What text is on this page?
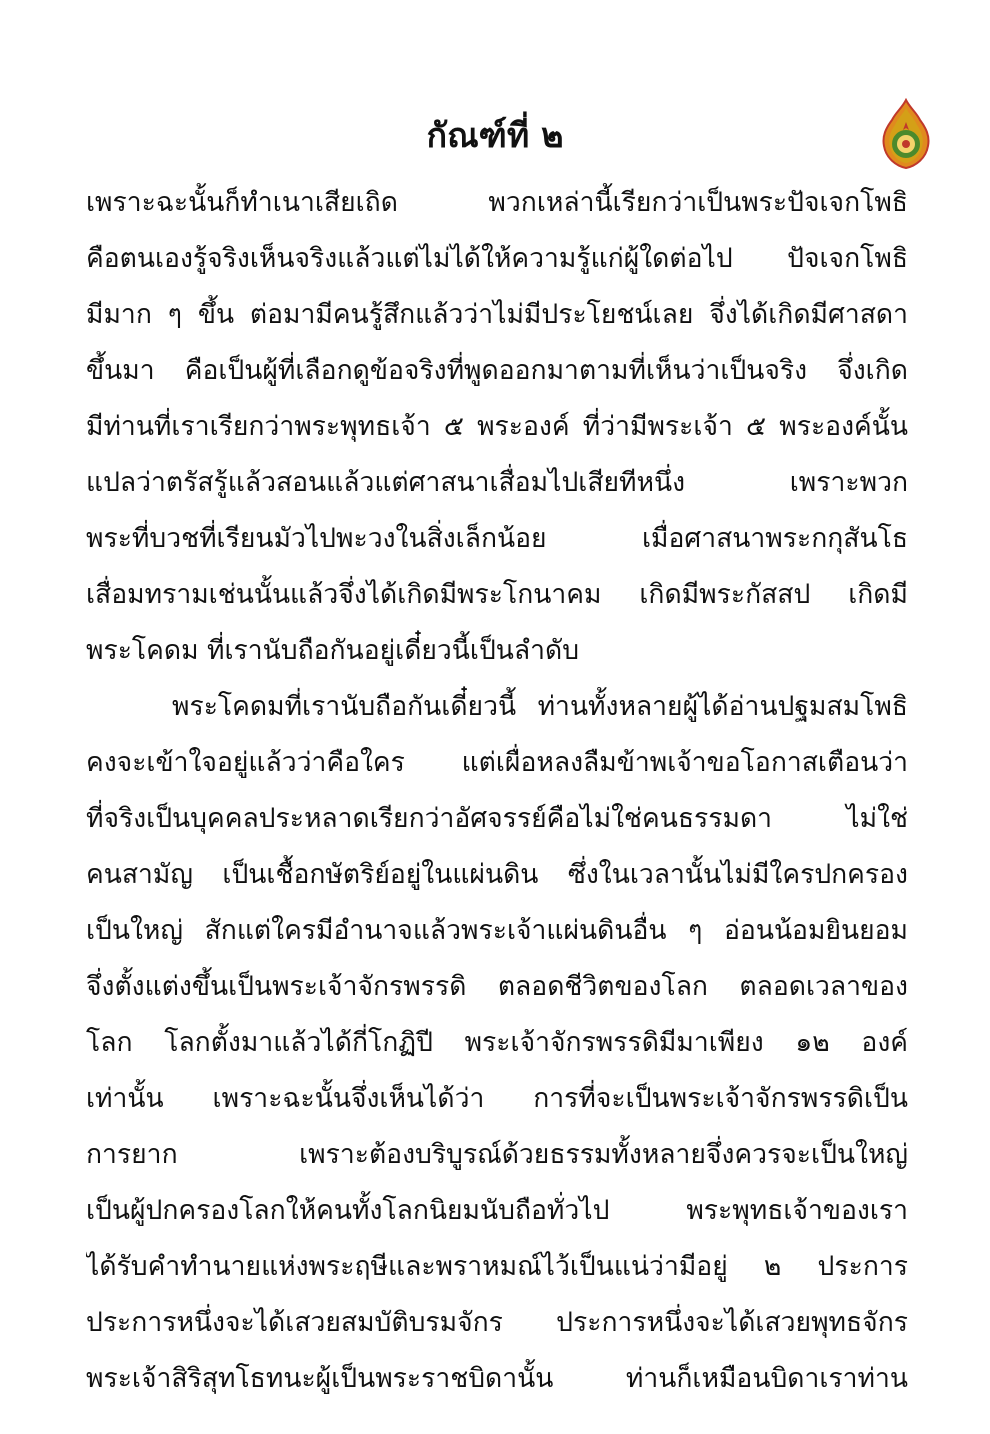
กัณฑ์ที่ ๒
เพราะฉะนั้นก็ทำเนาเสียเถิด พวกเหล่านี้เรียกว่าเป็นพระปัจเจกโพธิ
คือตนเองรู้จริงเห็นจริงแล้วแต่ไม่ได้ให้ความรู้แก่ผู้ใดต่อไป ปัจเจกโพธิ
มีมาก ๆ ขึ้น ต่อมามีคนรู้สึกแล้วว่าไม่มีประโยชน์เลย จึ่งได้เกิดมีศาสดา
ขึ้นมา คือเป็นผู้ที่เลือกดูข้อจริงที่พูดออกมาตามที่เห็นว่าเป็นจริง จึ่งเกิด
มีท่านที่เราเรียกว่าพระพุทธเจ้า ๕ พระองค์ ที่ว่ามีพระเจ้า ๕ พระองค์นั้น
แปลว่าตรัสรู้แล้วสอนแล้วแต่ศาสนาเสื่อมไปเสียทีหนึ่ง เพราะพวก
พระที่บวชที่เรียนมัวไปพะวงในสิ่งเล็กน้อย เมื่อศาสนาพระกกุสันโธ
เสื่อมทรามเช่นนั้นแล้วจึ่งได้เกิดมีพระโกนาคม เกิดมีพระกัสสป เกิดมี
พระโคดม ที่เรานับถือกันอยู่เดี๋ยวนี้เป็นลำดับ
พระโคดมที่เรานับถือกันเดี๋ยวนี้ ท่านทั้งหลายผู้ได้อ่านปฐมสมโพธิ
คงจะเข้าใจอยู่แล้วว่าคือใคร แต่เผื่อหลงลืมข้าพเจ้าขอโอกาสเตือนว่า
ที่จริงเป็นบุคคลประหลาดเรียกว่าอัศจรรย์คือไม่ใช่คนธรรมดา ไม่ใช่
คนสามัญ เป็นเชื้อกษัตริย์อยู่ในแผ่นดิน ซึ่งในเวลานั้นไม่มีใครปกครอง
เป็นใหญ่ สักแต่ใครมีอำนาจแล้วพระเจ้าแผ่นดินอื่น ๆ อ่อนน้อมยินยอม
จึ่งตั้งแต่งขึ้นเป็นพระเจ้าจักรพรรดิ ตลอดชีวิตของโลก ตลอดเวลาของ
โลก โลกตั้งมาแล้วได้กี่โกฏิปี พระเจ้าจักรพรรดิมีมาเพียง ๑๒ องค์
เท่านั้น เพราะฉะนั้นจึ่งเห็นได้ว่า การที่จะเป็นพระเจ้าจักรพรรดิเป็น
การยาก เพราะต้องบริบูรณ์ด้วยธรรมทั้งหลายจึ่งควรจะเป็นใหญ่
เป็นผู้ปกครองโลกให้คนทั้งโลกนิยมนับถือทั่วไป พระพุทธเจ้าของเรา
ได้รับคำทำนายแห่งพระฤษีและพราหมณ์ไว้เป็นแน่ว่ามีอยู่ ๒ ประการ
ประการหนึ่งจะได้เสวยสมบัติบรมจักร ประการหนึ่งจะได้เสวยพุทธจักร
พระเจ้าสิริสุทโธทนะผู้เป็นพระราชบิดานั้น ท่านก็เหมือนบิดาเราท่าน
